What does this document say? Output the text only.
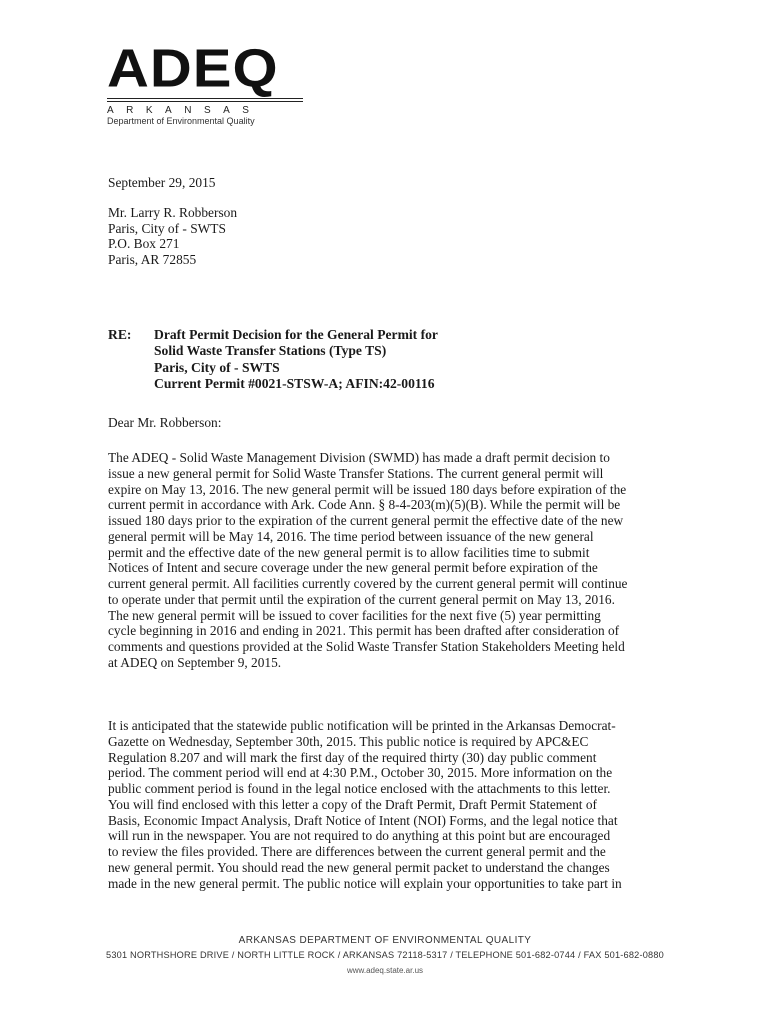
ADEQ
ARKANSAS
Department of Environmental Quality
September 29, 2015
Mr. Larry R. Robberson
Paris, City of - SWTS
P.O. Box 271
Paris, AR 72855
RE: Draft Permit Decision for the General Permit for
Solid Waste Transfer Stations (Type TS)
Paris, City of - SWTS
Current Permit #0021-STSW-A; AFIN:42-00116
Dear Mr. Robberson:
The ADEQ - Solid Waste Management Division (SWMD) has made a draft permit decision to
issue a new general permit for Solid Waste Transfer Stations. The current general permit will
expire on May 13, 2016. The new general permit will be issued 180 days before expiration of the
current permit in accordance with Ark. Code Ann. § 8-4-203(m)(5)(B). While the permit will be
issued 180 days prior to the expiration of the current general permit the effective date of the new
general permit will be May 14, 2016. The time period between issuance of the new general
permit and the effective date of the new general permit is to allow facilities time to submit
Notices of Intent and secure coverage under the new general permit before expiration of the
current general permit. All facilities currently covered by the current general permit will continue
to operate under that permit until the expiration of the current general permit on May 13, 2016.
The new general permit will be issued to cover facilities for the next five (5) year permitting
cycle beginning in 2016 and ending in 2021. This permit has been drafted after consideration of
comments and questions provided at the Solid Waste Transfer Station Stakeholders Meeting held
at ADEQ on September 9, 2015.
It is anticipated that the statewide public notification will be printed in the Arkansas Democrat-
Gazette on Wednesday, September 30th, 2015. This public notice is required by APC&EC
Regulation 8.207 and will mark the first day of the required thirty (30) day public comment
period. The comment period will end at 4:30 P.M., October 30, 2015. More information on the
public comment period is found in the legal notice enclosed with the attachments to this letter.
You will find enclosed with this letter a copy of the Draft Permit, Draft Permit Statement of
Basis, Economic Impact Analysis, Draft Notice of Intent (NOI) Forms, and the legal notice that
will run in the newspaper. You are not required to do anything at this point but are encouraged
to review the files provided. There are differences between the current general permit and the
new general permit. You should read the new general permit packet to understand the changes
made in the new general permit. The public notice will explain your opportunities to take part in
ARKANSAS DEPARTMENT OF ENVIRONMENTAL QUALITY
5301 NORTHSHORE DRIVE / NORTH LITTLE ROCK / ARKANSAS 72118-5317 / TELEPHONE 501-682-0744 / FAX 501-682-0880
www.adeq.state.ar.us
